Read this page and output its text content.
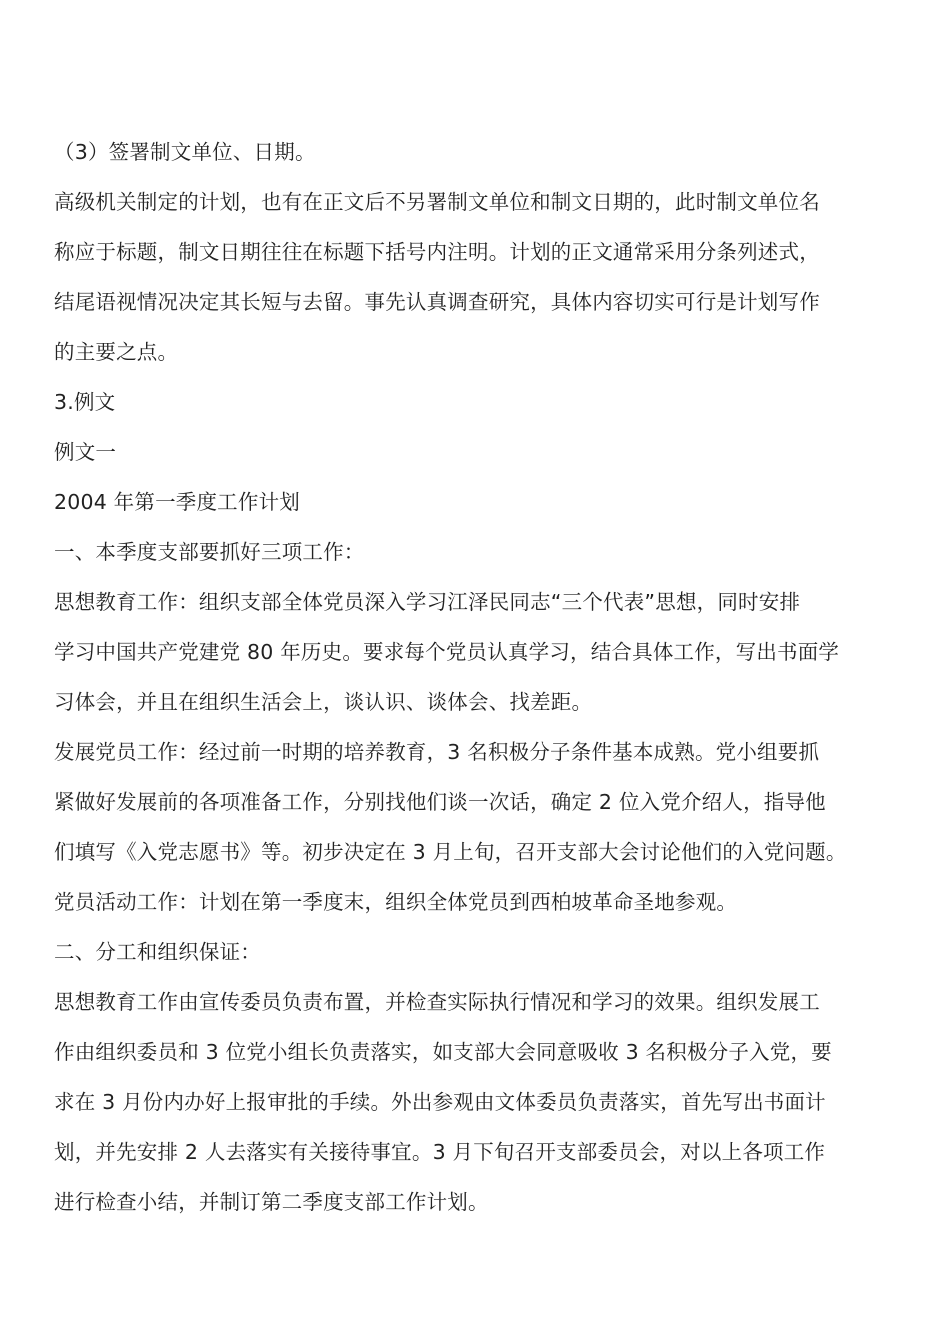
（3）签署制文单位、日期。
高级机关制定的计划，也有在正文后不另署制文单位和制文日期的，此时制文单位名
称应于标题，制文日期往往在标题下括号内注明。计划的正文通常采用分条列述式，
结尾语视情况决定其长短与去留。事先认真调查研究，具体内容切实可行是计划写作
的主要之点。
3.例文
例文一
2004 年第一季度工作计划
一、本季度支部要抓好三项工作：
思想教育工作：组织支部全体党员深入学习江泽民同志“三个代表”思想，同时安排
学习中国共产党建党 80 年历史。要求每个党员认真学习，结合具体工作，写出书面学
习体会，并且在组织生活会上，谈认识、谈体会、找差距。
发展党员工作：经过前一时期的培养教育，3 名积极分子条件基本成熟。党小组要抓
紧做好发展前的各项准备工作，分别找他们谈一次话，确定 2 位入党介绍人，指导他
们填写《入党志愿书》等。初步决定在 3 月上旬，召开支部大会讨论他们的入党问题。
党员活动工作：计划在第一季度末，组织全体党员到西柏坡革命圣地参观。
二、分工和组织保证：
思想教育工作由宣传委员负责布置，并检查实际执行情况和学习的效果。组织发展工
作由组织委员和 3 位党小组长负责落实，如支部大会同意吸收 3 名积极分子入党，要
求在 3 月份内办好上报审批的手续。外出参观由文体委员负责落实，首先写出书面计
划，并先安排 2 人去落实有关接待事宜。3 月下旬召开支部委员会，对以上各项工作
进行检查小结，并制订第二季度支部工作计划。
